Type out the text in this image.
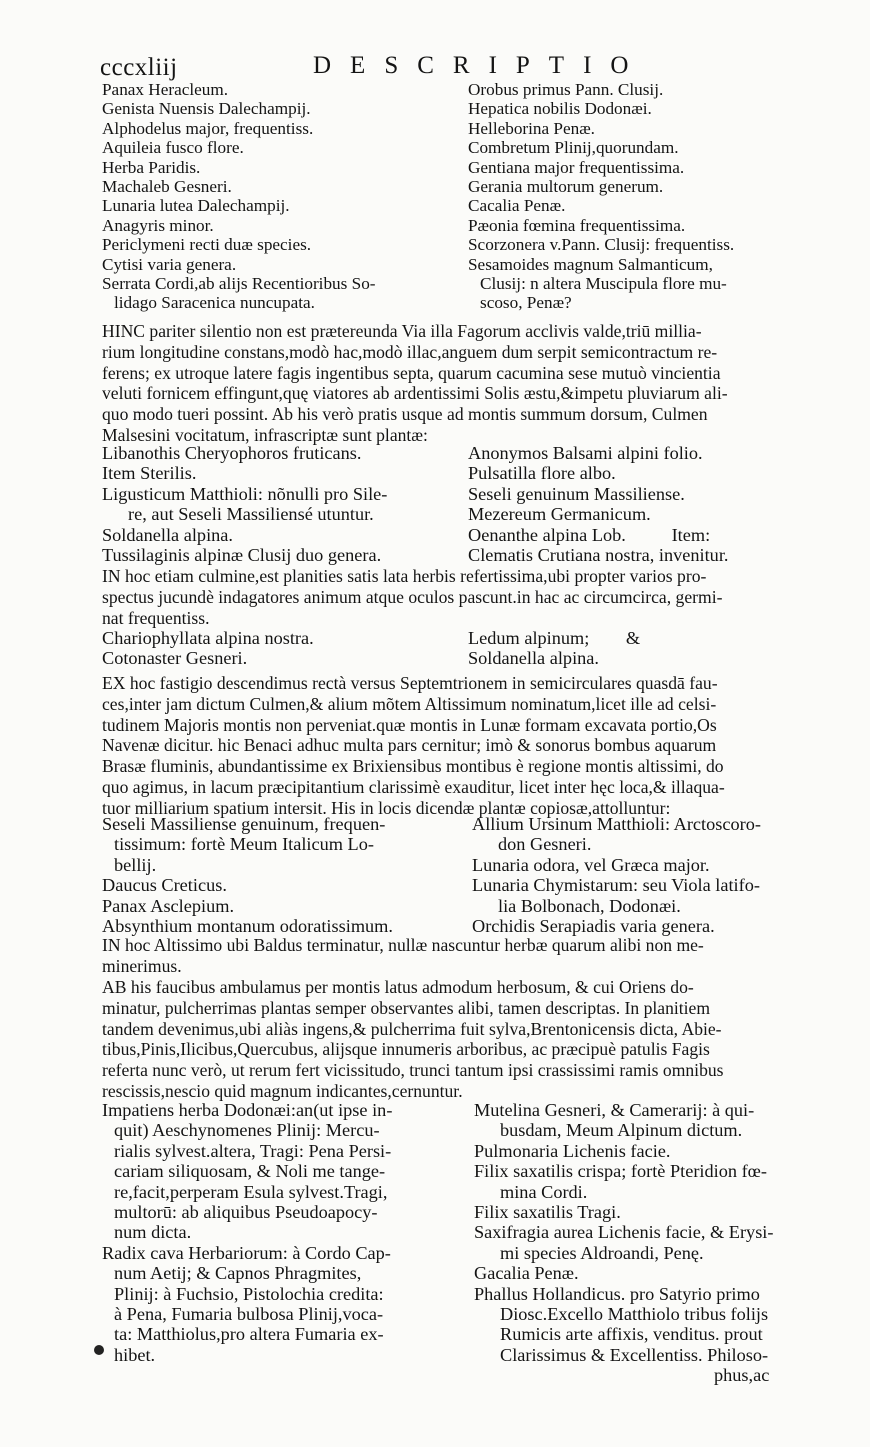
cccxliij	DESCRIPTIO
Panax Heracleum.
Genista Nuensis Dalechampij.
Alphodelus major, frequentiss.
Aquileia fusco flore.
Herba Paridis.
Machaleb Gesneri.
Lunaria lutea Dalechampij.
Anagyris minor.
Periclymeni recti duæ species.
Cytisi varia genera.
Serrata Cordi,ab alijs Recentioribus So-
lidago Saracenica nuncupata.
Orobus primus Pann. Clusij.
Hepatica nobilis Dodonæi.
Helleborina Penæ.
Combretum Plinij,quorundam.
Gentiana major frequentissima.
Gerania multorum generum.
Cacalia Penæ.
Pæonia fœmina frequentissima.
Scorzonera v.Pann. Clusij: frequentiss.
Sesamoides magnum Salmanticum,
Clusij: n altera Muscipula flore mu-
scoso, Penæ?
HINC pariter silentio non est prætereunda Via illa Fagorum acclivis valde,triū millia-
rium longitudine constans,modò hac,modò illac,anguem dum serpit semicontractum re-
ferens; ex utroque latere fagis ingentibus septa, quarum cacumina sese mutuò vincientia
veluti fornicem effingunt,quę viatores ab ardentissimi Solis æstu,&impetu pluviarum ali-
quo modo tueri possint. Ab his verò pratis usque ad montis summum dorsum, Culmen
Malsesini vocitatum, infrascriptæ sunt plantæ:
Libanothis Cheryophoros fruticans.
Item Sterilis.
Ligusticum Matthioli: nõnulli pro Sile-
re, aut Seseli Massiliensé utuntur.
Soldanella alpina.
Tussilaginis alpinæ Clusij duo genera.
Anonymos Balsami alpini folio.
Pulsatilla flore albo.
Seseli genuinum Massiliense.
Mezereum Germanicum.
Oenanthe alpina Lob.          Item:
Clematis Crutiana nostra, invenitur.
IN hoc etiam culmine,est planities satis lata herbis refertissima,ubi propter varios pro-
spectus jucundè indagatores animum atque oculos pascunt.in hac ac circumcirca, germi-
nat frequentiss.
Chariophyllata alpina nostra.
Cotonaster Gesneri.
Ledum alpinum;        &
Soldanella alpina.
EX hoc fastigio descendimus rectà versus Septemtrionem in semicirculares quasdā fau-
ces,inter jam dictum Culmen,& alium mõtem Altissimum nominatum,licet ille ad celsi-
tudinem Majoris montis non perveniat.quæ montis in Lunæ formam excavata portio,Os
Navenæ dicitur. hic Benaci adhuc multa pars cernitur; imò & sonorus bombus aquarum
Brasæ fluminis, abundantissime ex Brixiensibus montibus è regione montis altissimi, do
quo agimus, in lacum præcipitantium clarissimè exauditur, licet inter hęc loca,& illaqua-
tuor milliarium spatium intersit. His in locis dicendæ plantæ copiosæ,attolluntur:
Seseli Massiliense genuinum, frequen-
tissimum: fortè Meum Italicum Lo-
bellij.
Daucus Creticus.
Panax Asclepium.
Absynthium montanum odoratissimum.
Allium Ursinum Matthioli: Arctoscoro-
don Gesneri.
Lunaria odora, vel Græca major.
Lunaria Chymistarum: seu Viola latifo-
lia Bolbonach, Dodonæi.
Orchidis Serapiadis varia genera.
IN hoc Altissimo ubi Baldus terminatur, nullæ nascuntur herbæ quarum alibi non me-
minerimus.
AB his faucibus ambulamus per montis latus admodum herbosum, & cui Oriens do-
minatur, pulcherrimas plantas semper observantes alibi, tamen descriptas. In planitiem
tandem devenimus,ubi aliàs ingens,& pulcherrima fuit sylva,Brentonicensis dicta, Abie-
tibus,Pinis,Ilicibus,Quercubus, alijsque innumeris arboribus, ac præcipuè patulis Fagis
referta nunc verò, ut rerum fert vicissitudo, trunci tantum ipsi crassissimi ramis omnibus
rescissis,nescio quid magnum indicantes,cernuntur.
Impatiens herba Dodonæi:an(ut ipse in-
quit) Aeschynomenes Plinij: Mercu-
rialis sylvest.altera, Tragi: Pena Persi-
cariam siliquosam, & Noli me tange-
re,facit,perperam Esula sylvest.Tragi,
multorū: ab aliquibus Pseudoapocy-
num dicta.
Radix cava Herbariorum: à Cordo Cap-
num Aetij; & Capnos Phragmites,
Plinij: à Fuchsio, Pistolochia credita:
à Pena, Fumaria bulbosa Plinij,voca-
ta: Matthiolus,pro altera Fumaria ex-
hibet.
Mutelina Gesneri, & Camerarij: à qui-
busdam, Meum Alpinum dictum.
Pulmonaria Lichenis facie.
Filix saxatilis crispa; fortè Pteridion fœ-
mina Cordi.
Filix saxatilis Tragi.
Saxifragia aurea Lichenis facie, & Erysi-
mi species Aldroandi, Penę.
Gacalia Penæ.
Phallus Hollandicus. pro Satyrio primo
Diosc.Excello Matthiolo tribus folijs
Rumicis arte affixis, venditus. prout
Clarissimus & Excellentiss. Philoso-
phus,ac
